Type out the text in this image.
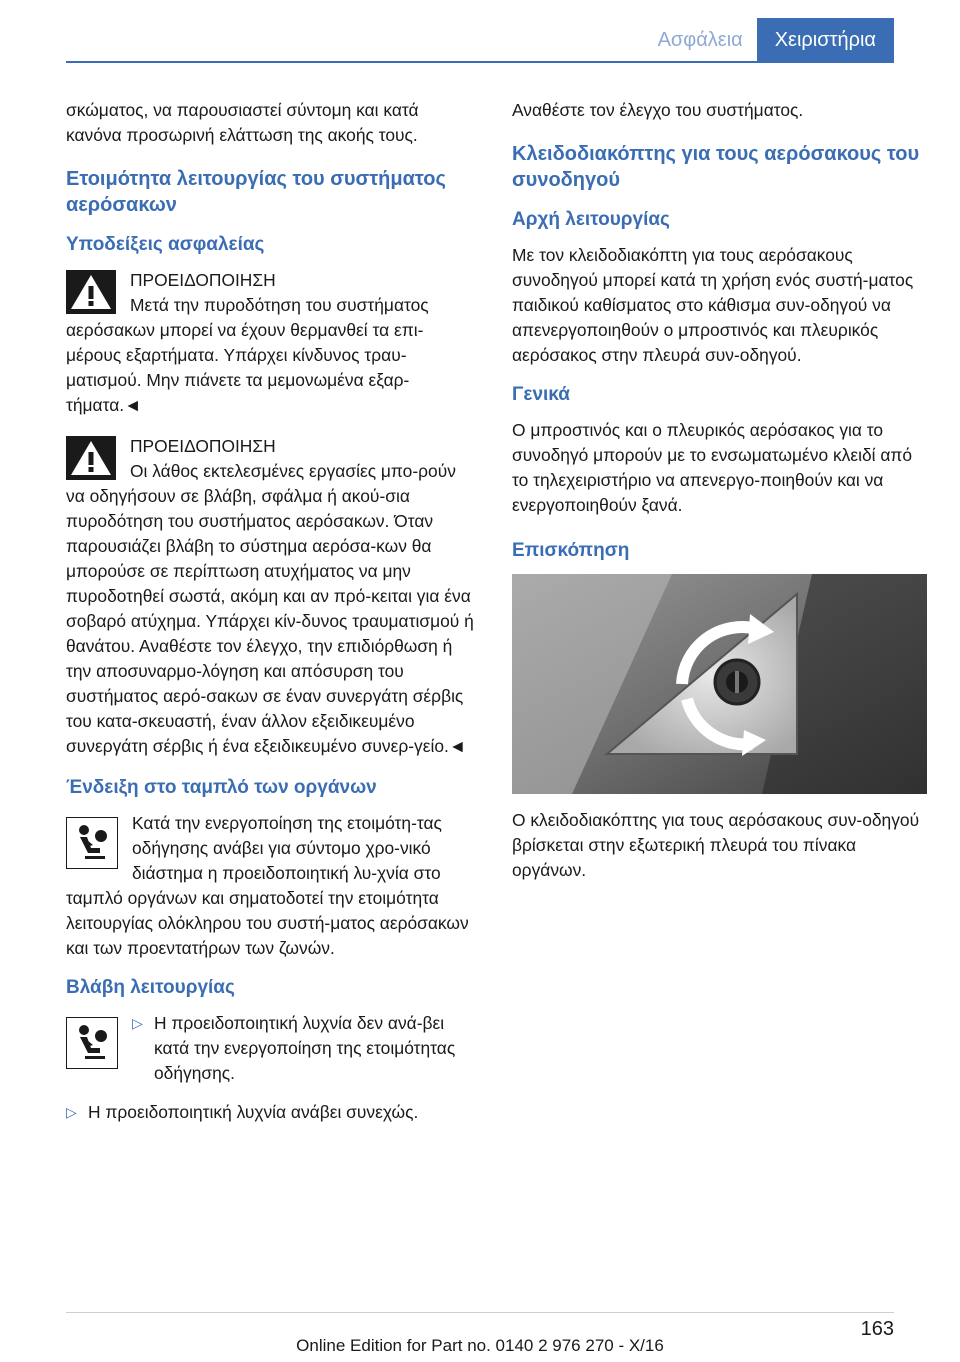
Ασφάλεια	Χειριστήρια

σκώματος, να παρουσιαστεί σύντομη και κατά κανόνα προσωρινή ελάττωση της ακοής τους.

Ετοιμότητα λειτουργίας του συστήματος αερόσακων
Υποδείξεις ασφαλείας

ΠΡΟΕΙΔΟΠΟΙΗΣΗ

Μετά την πυροδότηση του συστήματος αερόσακων μπορεί να έχουν θερμανθεί τα επι-μέρους εξαρτήματα. Υπάρχει κίνδυνος τραυ-ματισμού. Μην πιάνετε τα μεμονωμένα εξαρ-τήματα.◄

ΠΡΟΕΙΔΟΠΟΙΗΣΗ

Οι λάθος εκτελεσμένες εργασίες μπο-ρούν να οδηγήσουν σε βλάβη, σφάλμα ή ακού-σια πυροδότηση του συστήματος αερόσακων. Όταν παρουσιάζει βλάβη το σύστημα αερόσα-κων θα μπορούσε σε περίπτωση ατυχήματος να μην πυροδοτηθεί σωστά, ακόμη και αν πρό-κειται για ένα σοβαρό ατύχημα. Υπάρχει κίν-δυνος τραυματισμού ή θανάτου. Αναθέστε τον έλεγχο, την επιδιόρθωση ή την αποσυναρμο-λόγηση και απόσυρση του συστήματος αερό-σακων σε έναν συνεργάτη σέρβις του κατα-σκευαστή, έναν άλλον εξειδικευμένο συνεργάτη σέρβις ή ένα εξειδικευμένο συνερ-γείο.◄

Ένδειξη στο ταμπλό των οργάνων

Κατά την ενεργοποίηση της ετοιμότη-τας οδήγησης ανάβει για σύντομο χρο-νικό διάστημα η προειδοποιητική λυ-χνία στο ταμπλό οργάνων και σηματοδοτεί την ετοιμότητα λειτουργίας ολόκληρου του συστή-ματος αερόσακων και των προεντατήρων των ζωνών.

Βλάβη λειτουργίας
▷ Η προειδοποιητική λυχνία δεν ανά-βει κατά την ενεργοποίηση της ετοιμότητας οδήγησης.
▷ Η προειδοποιητική λυχνία ανάβει συνεχώς.

Αναθέστε τον έλεγχο του συστήματος.

Κλειδοδιακόπτης για τους αερόσακους του συνοδηγού
Αρχή λειτουργίας

Με τον κλειδοδιακόπτη για τους αερόσακους συνοδηγού μπορεί κατά τη χρήση ενός συστή-ματος παιδικού καθίσματος στο κάθισμα συν-οδηγού να απενεργοποιηθούν ο μπροστινός και πλευρικός αερόσακος στην πλευρά συν-οδηγού.

Γενικά

Ο μπροστινός και ο πλευρικός αερόσακος για το συνοδηγό μπορούν με το ενσωματωμένο κλειδί από το τηλεχειριστήριο να απενεργο-ποιηθούν και να ενεργοποιηθούν ξανά.

Επισκόπηση

Ο κλειδοδιακόπτης για τους αερόσακους συν-οδηγού βρίσκεται στην εξωτερική πλευρά του πίνακα οργάνων.

163
Online Edition for Part no. 0140 2 976 270 - X/16
